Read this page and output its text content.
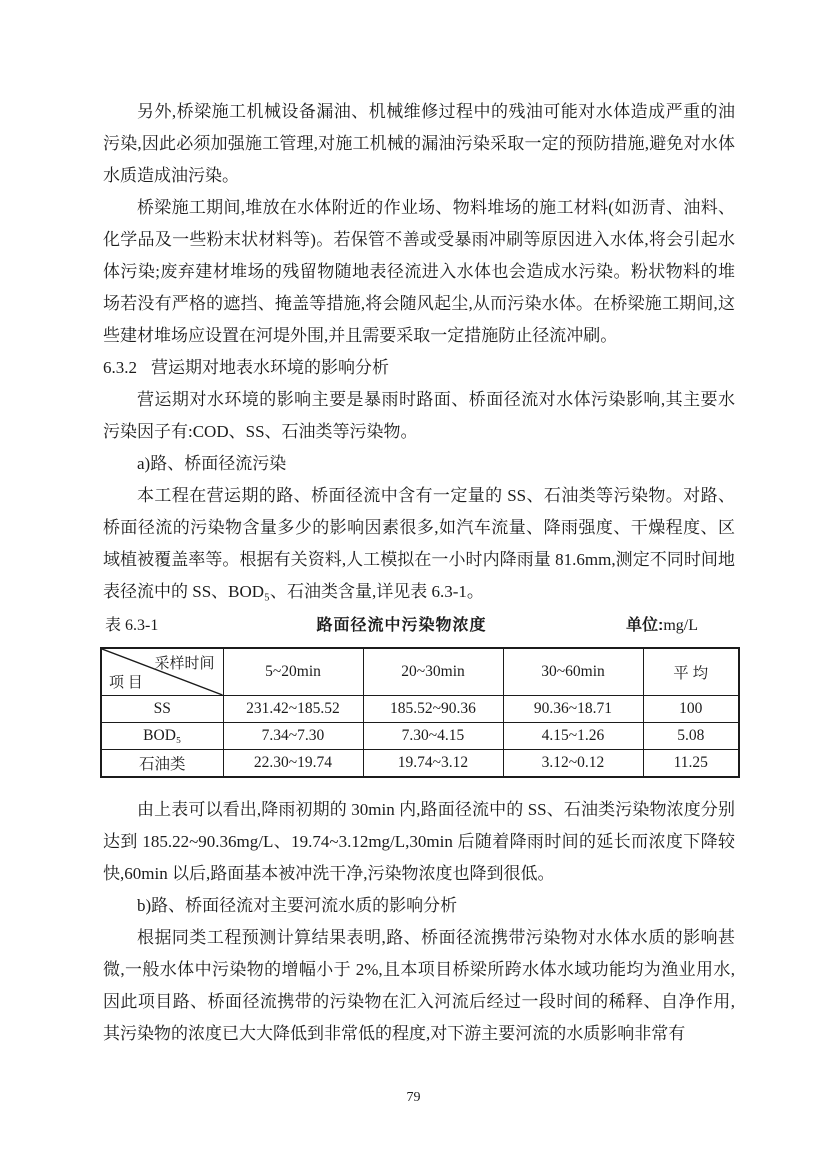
另外,桥梁施工机械设备漏油、机械维修过程中的残油可能对水体造成严重的油污染,因此必须加强施工管理,对施工机械的漏油污染采取一定的预防措施,避免对水体水质造成油污染。

桥梁施工期间,堆放在水体附近的作业场、物料堆场的施工材料(如沥青、油料、化学品及一些粉末状材料等)。若保管不善或受暴雨冲刷等原因进入水体,将会引起水体污染;废弃建材堆场的残留物随地表径流进入水体也会造成水污染。粉状物料的堆场若没有严格的遮挡、掩盖等措施,将会随风起尘,从而污染水体。在桥梁施工期间,这些建材堆场应设置在河堤外围,并且需要采取一定措施防止径流冲刷。

6.3.2 营运期对地表水环境的影响分析

营运期对水环境的影响主要是暴雨时路面、桥面径流对水体污染影响,其主要水污染因子有:COD、SS、石油类等污染物。

a)路、桥面径流污染

本工程在营运期的路、桥面径流中含有一定量的 SS、石油类等污染物。对路、桥面径流的污染物含量多少的影响因素很多,如汽车流量、降雨强度、干燥程度、区域植被覆盖率等。根据有关资料,人工模拟在一小时内降雨量 81.6mm,测定不同时间地表径流中的 SS、BOD₅、石油类含量,详见表 6.3-1。

表 6.3-1	路面径流中污染物浓度	单位:mg/L
采样时间
项 目	5~20min	20~30min	30~60min	平 均
SS	231.42~185.52	185.52~90.36	90.36~18.71	100
BOD₅	7.34~7.30	7.30~4.15	4.15~1.26	5.08
石油类	22.30~19.74	19.74~3.12	3.12~0.12	11.25

由上表可以看出,降雨初期的 30min 内,路面径流中的 SS、石油类污染物浓度分别达到 185.22~90.36mg/L、19.74~3.12mg/L,30min 后随着降雨时间的延长而浓度下降较快,60min 以后,路面基本被冲洗干净,污染物浓度也降到很低。

b)路、桥面径流对主要河流水质的影响分析

根据同类工程预测计算结果表明,路、桥面径流携带污染物对水体水质的影响甚微,一般水体中污染物的增幅小于 2%,且本项目桥梁所跨水体水域功能均为渔业用水,因此项目路、桥面径流携带的污染物在汇入河流后经过一段时间的稀释、自净作用,其污染物的浓度已大大降低到非常低的程度,对下游主要河流的水质影响非常有

79
